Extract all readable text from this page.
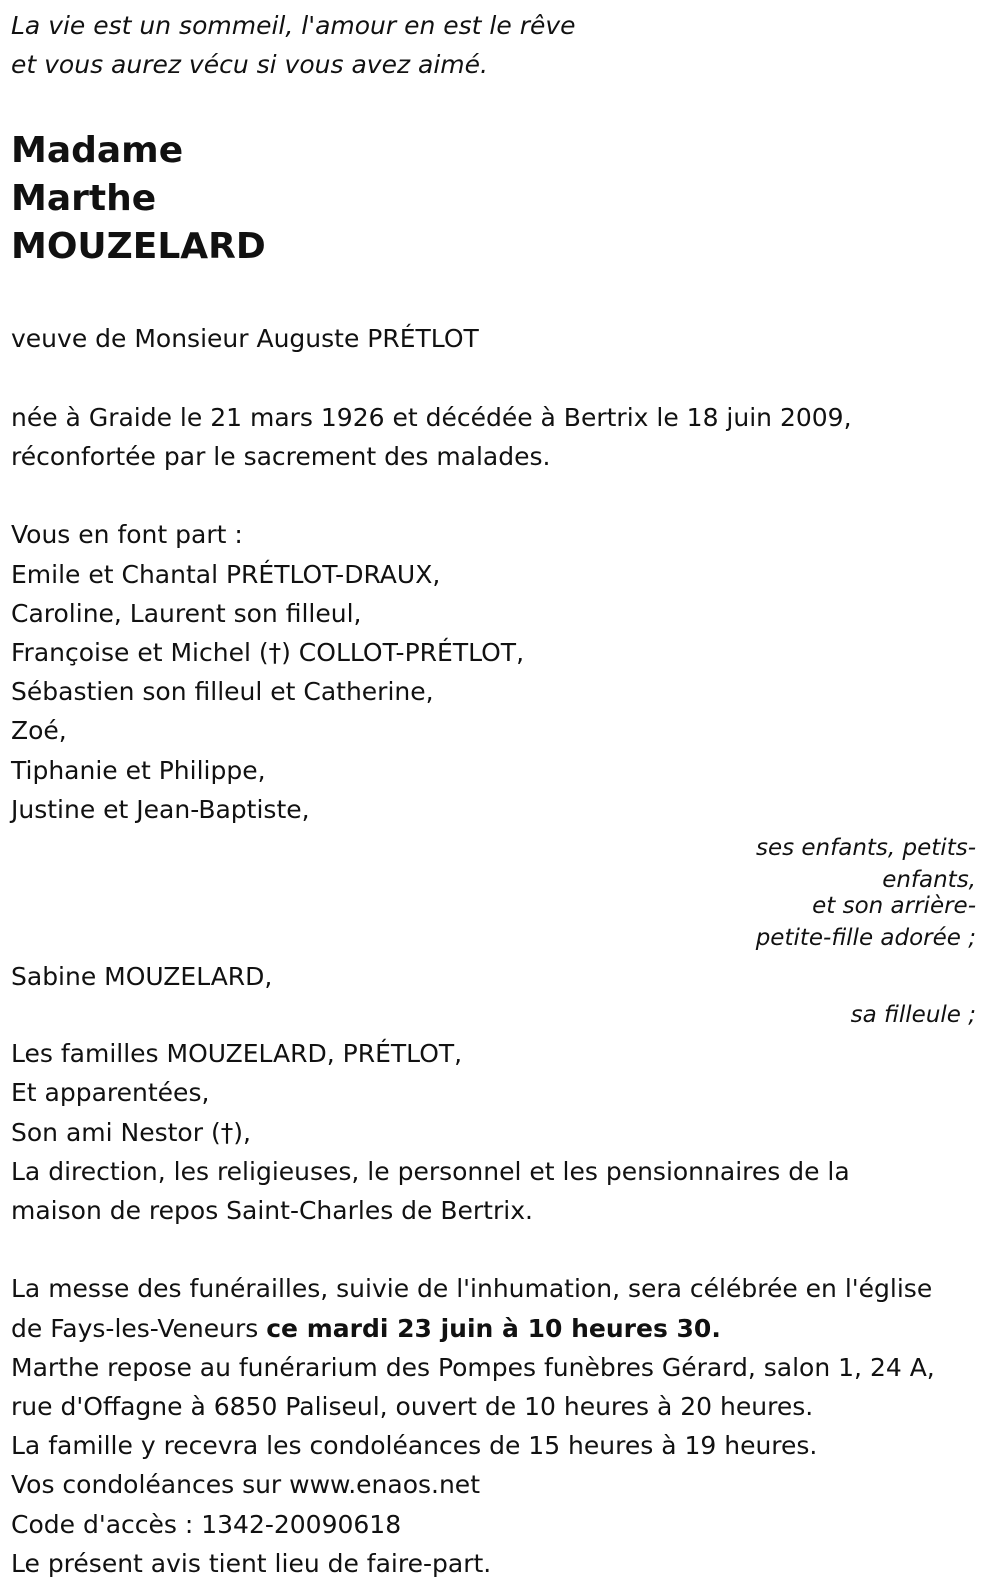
La vie est un sommeil, l'amour en est le rêve
et vous aurez vécu si vous avez aimé.
Madame
Marthe
MOUZELARD
veuve de Monsieur Auguste PRÉTLOT
née à Graide le 21 mars 1926 et décédée à Bertrix le 18 juin 2009,
réconfortée par le sacrement des malades.
Vous en font part :
Emile et Chantal PRÉTLOT-DRAUX,
Caroline, Laurent son filleul,
Françoise et Michel (†) COLLOT-PRÉTLOT,
Sébastien son filleul et Catherine,
Zoé,
Tiphanie et Philippe,
Justine et Jean-Baptiste,
ses enfants, petits-
enfants,
et son arrière-
petite-fille adorée ;
Sabine MOUZELARD,
sa filleule ;
Les familles MOUZELARD, PRÉTLOT,
Et apparentées,
Son ami Nestor (†),
La direction, les religieuses, le personnel et les pensionnaires de la
maison de repos Saint-Charles de Bertrix.
La messe des funérailles, suivie de l'inhumation, sera célébrée en l'église
de Fays-les-Veneurs ce mardi 23 juin à 10 heures 30.
Marthe repose au funérarium des Pompes funèbres Gérard, salon 1, 24 A,
rue d'Offagne à 6850 Paliseul, ouvert de 10 heures à 20 heures.
La famille y recevra les condoléances de 15 heures à 19 heures.
Vos condoléances sur www.enaos.net
Code d'accès : 1342-20090618
Le présent avis tient lieu de faire-part.
